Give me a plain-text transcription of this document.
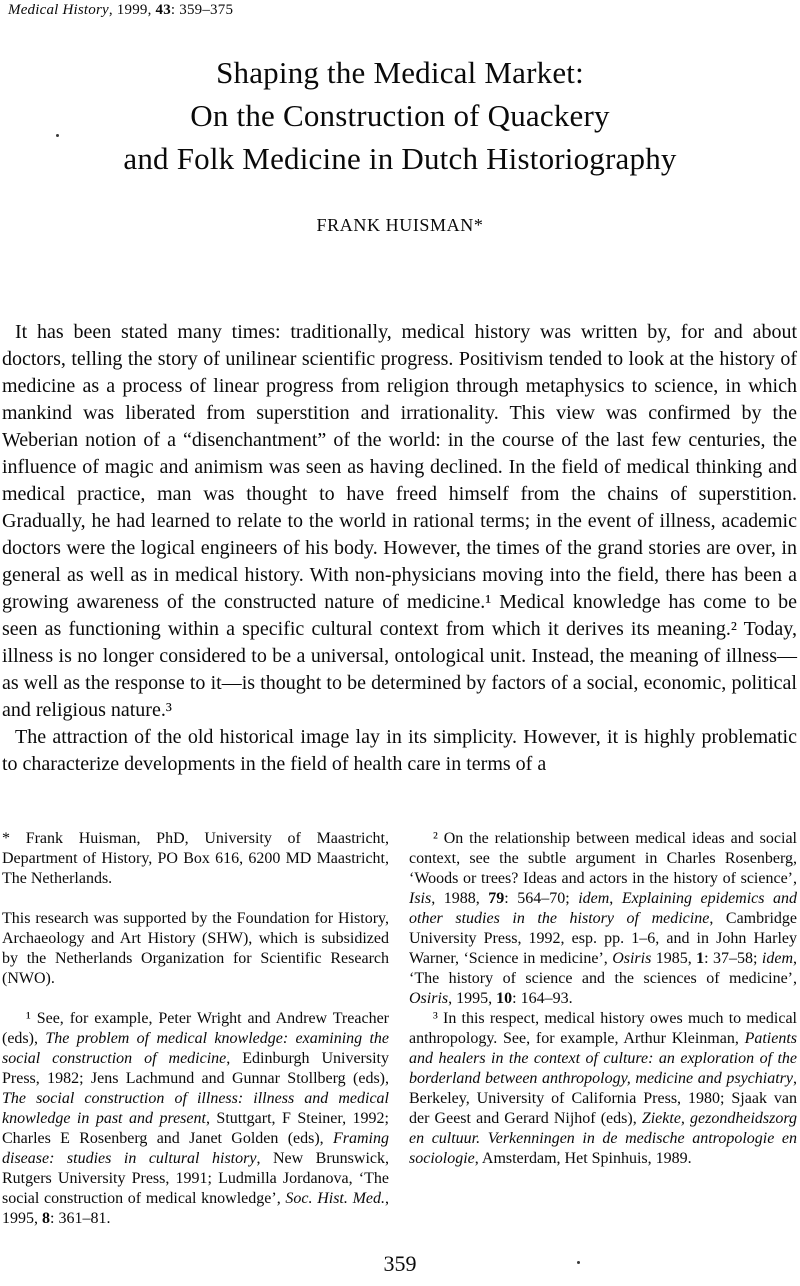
Medical History, 1999, 43: 359–375
Shaping the Medical Market:
On the Construction of Quackery
and Folk Medicine in Dutch Historiography
FRANK HUISMAN*

It has been stated many times: traditionally, medical history was written by, for and about doctors, telling the story of unilinear scientific progress. Positivism tended to look at the history of medicine as a process of linear progress from religion through metaphysics to science, in which mankind was liberated from superstition and irrationality. This view was confirmed by the Weberian notion of a “disenchantment” of the world: in the course of the last few centuries, the influence of magic and animism was seen as having declined. In the field of medical thinking and medical practice, man was thought to have freed himself from the chains of superstition. Gradually, he had learned to relate to the world in rational terms; in the event of illness, academic doctors were the logical engineers of his body. However, the times of the grand stories are over, in general as well as in medical history. With non-physicians moving into the field, there has been a growing awareness of the constructed nature of medicine.¹ Medical knowledge has come to be seen as functioning within a specific cultural context from which it derives its meaning.² Today, illness is no longer considered to be a universal, ontological unit. Instead, the meaning of illness—as well as the response to it—is thought to be determined by factors of a social, economic, political and religious nature.³

The attraction of the old historical image lay in its simplicity. However, it is highly problematic to characterize developments in the field of health care in terms of a

* Frank Huisman, PhD, University of Maastricht, Department of History, PO Box 616, 6200 MD Maastricht, The Netherlands.

This research was supported by the Foundation for History, Archaeology and Art History (SHW), which is subsidized by the Netherlands Organization for Scientific Research (NWO).

¹ See, for example, Peter Wright and Andrew Treacher (eds), The problem of medical knowledge: examining the social construction of medicine, Edinburgh University Press, 1982; Jens Lachmund and Gunnar Stollberg (eds), The social construction of illness: illness and medical knowledge in past and present, Stuttgart, F Steiner, 1992; Charles E Rosenberg and Janet Golden (eds), Framing disease: studies in cultural history, New Brunswick, Rutgers University Press, 1991; Ludmilla Jordanova, ‘The social construction of medical knowledge’, Soc. Hist. Med., 1995, 8: 361–81.

² On the relationship between medical ideas and social context, see the subtle argument in Charles Rosenberg, ‘Woods or trees? Ideas and actors in the history of science’, Isis, 1988, 79: 564–70; idem, Explaining epidemics and other studies in the history of medicine, Cambridge University Press, 1992, esp. pp. 1–6, and in John Harley Warner, ‘Science in medicine’, Osiris 1985, 1: 37–58; idem, ‘The history of science and the sciences of medicine’, Osiris, 1995, 10: 164–93.

³ In this respect, medical history owes much to medical anthropology. See, for example, Arthur Kleinman, Patients and healers in the context of culture: an exploration of the borderland between anthropology, medicine and psychiatry, Berkeley, University of California Press, 1980; Sjaak van der Geest and Gerard Nijhof (eds), Ziekte, gezondheidszorg en cultuur. Verkenningen in de medische antropologie en sociologie, Amsterdam, Het Spinhuis, 1989.

359
